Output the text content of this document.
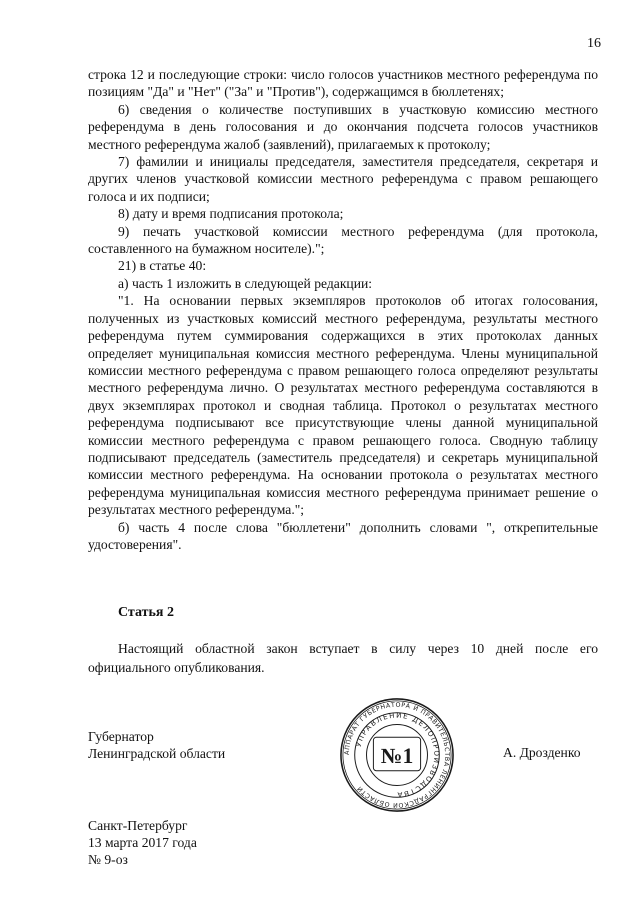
16

строка 12 и последующие строки: число голосов участников местного референдума по позициям "Да" и "Нет" ("За" и "Против"), содержащимся в бюллетенях;

6) сведения о количестве поступивших в участковую комиссию местного референдума в день голосования и до окончания подсчета голосов участников местного референдума жалоб (заявлений), прилагаемых к протоколу;

7) фамилии и инициалы председателя, заместителя председателя, секретаря и других членов участковой комиссии местного референдума с правом решающего голоса и их подписи;

8) дату и время подписания протокола;

9) печать участковой комиссии местного референдума (для протокола, составленного на бумажном носителе).";

21) в статье 40:

а) часть 1 изложить в следующей редакции:

"1. На основании первых экземпляров протоколов об итогах голосования, полученных из участковых комиссий местного референдума, результаты местного референдума путем суммирования содержащихся в этих протоколах данных определяет муниципальная комиссия местного референдума. Члены муниципальной комиссии местного референдума с правом решающего голоса определяют результаты местного референдума лично. О результатах местного референдума составляются в двух экземплярах протокол и сводная таблица. Протокол о результатах местного референдума подписывают все присутствующие члены данной муниципальной комиссии местного референдума с правом решающего голоса. Сводную таблицу подписывают председатель (заместитель председателя) и секретарь муниципальной комиссии местного референдума. На основании протокола о результатах местного референдума муниципальная комиссия местного референдума принимает решение о результатах местного референдума.";

б) часть 4 после слова "бюллетени" дополнить словами ", открепительные удостоверения".

Статья 2

Настоящий областной закон вступает в силу через 10 дней после его официального опубликования.

Губернатор
Ленинградской области	АППАРАТ ГУБЕРНАТОРА И ПРАВИТЕЛЬСТВА ЛЕНИНГРАДСКОЙ ОБЛАСТИ
УПРАВЛЕНИЕ ДЕЛОПРОИЗВОДСТВА
№1	А. Дрозденко
Санкт-Петербург
13 марта 2017 года
№ 9-оз
